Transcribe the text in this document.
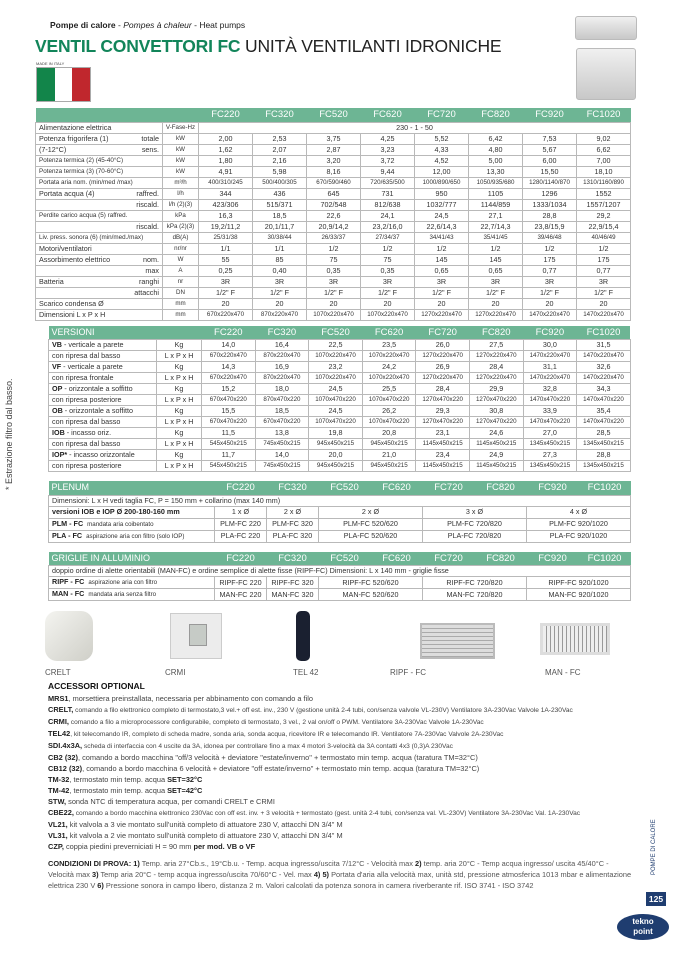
Pompe di calore - Pompes à chaleur - Heat pumps
VENTIL CONVETTORI FC UNITÀ VENTILANTI IDRONICHE
MADE IN ITALY
* Estrazione filtro dal basso.
		FC220	FC320	FC520	FC620	FC720	FC820	FC920	FC1020

Alimentazione elettrica	V-Fase-Hz	230 - 1 - 50							

Potenza frigorifera (1) totale	kW	2,00	2,53	3,75	4,25	5,52	6,42	7,53	9,02

(7-12°C) sens.	kW	1,62	2,07	2,87	3,23	4,33	4,80	5,67	6,62

Potenza termica (2) (45-40°C)	kW	1,80	2,16	3,20	3,72	4,52	5,00	6,00	7,00

Potenza termica (3) (70-60°C)	kW	4,91	5,98	8,16	9,44	12,00	13,30	15,50	18,10

Portata aria nom. (min/med /max)	m³/h	400/310/245	500/400/305	670/590/460	720/635/500	1000/890/650	1050/935/680	1280/1140/870	1310/1160/890

Portata acqua (4) raffred.	l/h	344	436	645	731	950	1105	1296	1552

riscald.	l/h (2)(3)	423/306	515/371	702/548	812/638	1032/777	1144/859	1333/1034	1557/1207

Perdite carico acqua (5) raffred.	kPa	16,3	18,5	22,6	24,1	24,5	27,1	28,8	29,2

riscald.	kPa (2)(3)	19,2/11,2	20,1/11,7	20,9/14,2	23,2/16,0	22,6/14,3	22,7/14,3	23,8/15,9	22,9/15,4

Liv. press. sonora (6) (min/med./max)	dB(A)	25/31/38	30/38/44	26/33/37	27/34/37	34/41/43	35/41/45	39/46/48	40/46/49

Motori/ventilatori	nr/nr	1/1	1/1	1/2	1/2	1/2	1/2	1/2	1/2

Assorbimento elettrico nom.	W	55	85	75	75	145	145	175	175

max	A	0,25	0,40	0,35	0,35	0,65	0,65	0,77	0,77

Batteria ranghi	nr	3R	3R	3R	3R	3R	3R	3R	3R

attacchi	DN	1/2" F	1/2" F	1/2" F	1/2" F	1/2" F	1/2" F	1/2" F	1/2" F

Scarico condensa Ø	mm	20	20	20	20	20	20	20	20

Dimensioni L x P x H	mm	670x220x470	870x220x470	1070x220x470	1070x220x470	1270x220x470	1270x220x470	1470x220x470	1470x220x470
VERSIONI		FC220	FC320	FC520	FC620	FC720	FC820	FC920	FC1020
VB - verticale a parete	Kg	14,0	16,4	22,5	23,5	26,0	27,5	30,0	31,5
con ripresa dal basso	L x P x H	670x220x470	870x220x470	1070x220x470	1070x220x470	1270x220x470	1270x220x470	1470x220x470	1470x220x470
VF - verticale a parete	Kg	14,3	16,9	23,2	24,2	26,9	28,4	31,1	32,6
con ripresa frontale	L x P x H	670x220x470	870x220x470	1070x220x470	1070x220x470	1270x220x470	1270x220x470	1470x220x470	1470x220x470
OP - orizzontale a soffitto	Kg	15,2	18,0	24,5	25,5	28,4	29,9	32,8	34,3
con ripresa posteriore	L x P x H	670x470x220	870x470x220	1070x470x220	1070x470x220	1270x470x220	1270x470x220	1470x470x220	1470x470x220
OB - orizzontale a soffitto	Kg	15,5	18,5	24,5	26,2	29,3	30,8	33,9	35,4
con ripresa dal basso	L x P x H	670x470x220	670x470x220	1070x470x220	1070x470x220	1270x470x220	1270x470x220	1470x470x220	1470x470x220
IOB - incasso oriz.	Kg	11,5	13,8	19,8	20,8	23,1	24,6	27,0	28,5
con ripresa dal basso	L x P x H	545x450x215	745x450x215	945x450x215	945x450x215	1145x450x215	1145x450x215	1345x450x215	1345x450x215
IOP* - incasso orizzontale	Kg	11,7	14,0	20,0	21,0	23,4	24,9	27,3	28,8
con ripresa posteriore	L x P x H	545x450x215	745x450x215	945x450x215	945x450x215	1145x450x215	1145x450x215	1345x450x215	1345x450x215
PLENUM	FC220	FC320	FC520	FC620	FC720	FC820	FC920	FC1020
Dimensioni: L x H vedi taglia FC, P = 150 mm + collarino (max 140 mm)								
versioni IOB e IOP Ø 200-180-160 mm	1 x Ø	2 x Ø	2 x Ø		3 x Ø		4 x Ø	
PLM - FC mandata aria coibentato	PLM-FC 220	PLM-FC 320	PLM-FC 520/620		PLM-FC 720/820		PLM-FC 920/1020	
PLA - FC aspirazione aria con filtro (solo IOP)	PLA-FC 220	PLA-FC 320	PLA-FC 520/620		PLA-FC 720/820		PLA-FC 920/1020	
GRIGLIE IN ALLUMINIO	FC220	FC320	FC520	FC620	FC720	FC820	FC920	FC1020
doppio ordine di alette orientabili (MAN-FC) e ordine semplice di alette fisse (RIPF-FC) Dimensioni: L x 140 mm - griglie fisse								
RIPF - FC aspirazione aria con filtro	RIPF-FC 220	RIPF-FC 320	RIPF-FC 520/620		RIPF-FC 720/820		RIPF-FC 920/1020	
MAN - FC mandata aria senza filtro	MAN-FC 220	MAN-FC 320	MAN-FC 520/620		MAN-FC 720/820		MAN-FC 920/1020	
CRELT	CRMI	TEL 42	RIPF - FC	MAN - FC
ACCESSORI OPTIONAL
MRS1, morsettiera preinstallata, necessaria per abbinamento con comando a filo
CRELT, comando a filo elettronico completo di termostato,3 vel.+ off est. inv., 230 V (gestione unità 2-4 tubi, con/senza valvole VL-230V) Ventilatore 3A-230Vac Valvole 1A-230Vac
CRMI, comando a filo a microprocessore configurabile, completo di termostato, 3 vel., 2 val on/off o PWM. Ventilatore 3A-230Vac Valvole 1A-230Vac
TEL42, kit telecomando IR, completo di scheda madre, sonda aria, sonda acqua, ricevitore IR e telecomando IR. Ventilatore 7A-230Vac Valvole 2A-230Vac
SDI.4x3A, scheda di interfaccia con 4 uscite da 3A, idonea per controllare fino a max 4 motori 3-velocità da 3A contatti 4x3 (0,3)A 230Vac
CB2 (32), comando a bordo macchina "off/3 velocità + deviatore "estate/inverno" + termostato min temp. acqua (taratura TM=32°C)
CB12 (32), comando a bordo macchina 6 velocità + deviatore "off estate/inverno" + termostato min temp. acqua (taratura TM=32°C)
TM-32, termostato min temp. acqua SET=32°C
TM-42, termostato min temp. acqua SET=42°C
STW, sonda NTC di temperatura acqua, per comandi CRELT e CRMI
CBE22, comando a bordo macchina elettronico 230Vac con off est. inv. + 3 velocità + termostato (gest. unità 2-4 tubi, con/senza val. VL-230V) Ventilatore 3A-230Vac Val. 1A-230Vac
VL21, kit valvola a 3 vie montato sull'unità completo di attuatore 230 V, attacchi DN 3/4" M
VL31, kit valvola a 2 vie montato sull'unità completo di attuatore 230 V, attacchi DN 3/4" M
CZP, coppia piedini preverniciati H = 90 mm per mod. VB o VF
CONDIZIONI DI PROVA: 1) Temp. aria 27°Cb.s., 19°Cb.u. - Temp. acqua ingresso/uscita 7/12°C - Velocità max 2) temp. aria 20°C - Temp acqua ingresso/ uscita 45/40°C - Velocità max 3) Temp aria 20°C - temp acqua ingresso/uscita 70/60°C - Vel. max 4) 5) Portata d'aria alla velocità max, unità std, pressione atmosferica 1013 mbar e alimentazione elettrica 230 V 6) Pressione sonora in campo libero, distanza 2 m. Valori calcolati da potenza sonora in camera riverberante rif. ISO 3741 - ISO 3742
POMPE DI CALORE
125
tekno
point
